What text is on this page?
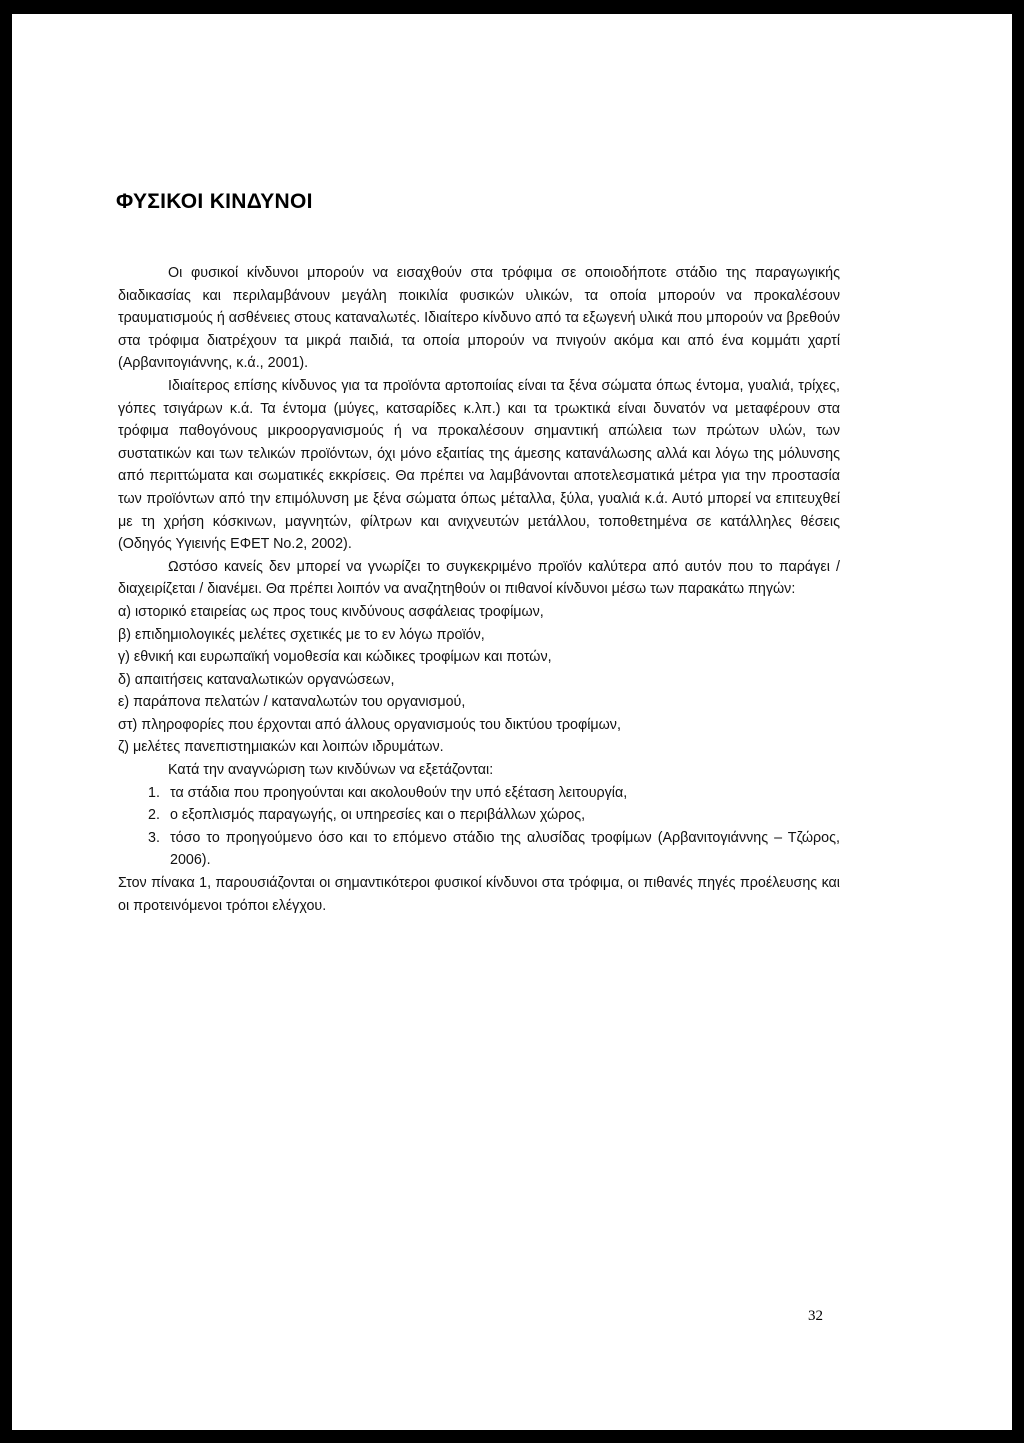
ΦΥΣΙΚΟΙ ΚΙΝΔΥΝΟΙ

Οι φυσικοί κίνδυνοι μπορούν να εισαχθούν στα τρόφιμα σε οποιοδήποτε στάδιο της παραγωγικής διαδικασίας και περιλαμβάνουν μεγάλη ποικιλία φυσικών υλικών, τα οποία μπορούν να προκαλέσουν τραυματισμούς ή ασθένειες στους καταναλωτές. Ιδιαίτερο κίνδυνο από τα εξωγενή υλικά που μπορούν να βρεθούν στα τρόφιμα διατρέχουν τα μικρά παιδιά, τα οποία μπορούν να πνιγούν ακόμα και από ένα κομμάτι χαρτί (Αρβανιτογιάννης, κ.ά., 2001).

Ιδιαίτερος επίσης κίνδυνος για τα προϊόντα αρτοποιίας είναι τα ξένα σώματα όπως έντομα, γυαλιά, τρίχες, γόπες τσιγάρων κ.ά. Τα έντομα (μύγες, κατσαρίδες κ.λπ.) και τα τρωκτικά είναι δυνατόν να μεταφέρουν στα τρόφιμα παθογόνους μικροοργανισμούς ή να προκαλέσουν σημαντική απώλεια των πρώτων υλών, των συστατικών και των τελικών προϊόντων, όχι μόνο εξαιτίας της άμεσης κατανάλωσης αλλά και λόγω της μόλυνσης από περιττώματα και σωματικές εκκρίσεις. Θα πρέπει να λαμβάνονται αποτελεσματικά μέτρα για την προστασία των προϊόντων από την επιμόλυνση με ξένα σώματα όπως μέταλλα, ξύλα, γυαλιά κ.ά. Αυτό μπορεί να επιτευχθεί με τη χρήση κόσκινων, μαγνητών, φίλτρων και ανιχνευτών μετάλλου, τοποθετημένα σε κατάλληλες θέσεις (Οδηγός Υγιεινής ΕΦΕΤ Νο.2, 2002).

Ωστόσο κανείς δεν μπορεί να γνωρίζει το συγκεκριμένο προϊόν καλύτερα από αυτόν που το παράγει / διαχειρίζεται / διανέμει. Θα πρέπει λοιπόν να αναζητηθούν οι πιθανοί κίνδυνοι μέσω των παρακάτω πηγών:

α) ιστορικό εταιρείας ως προς τους κινδύνους ασφάλειας τροφίμων,
β) επιδημιολογικές μελέτες σχετικές με το εν λόγω προϊόν,
γ) εθνική και ευρωπαϊκή νομοθεσία και κώδικες τροφίμων και ποτών,
δ) απαιτήσεις καταναλωτικών οργανώσεων,
ε) παράπονα πελατών / καταναλωτών του οργανισμού,
στ) πληροφορίες που έρχονται από άλλους οργανισμούς του δικτύου τροφίμων,
ζ) μελέτες πανεπιστημιακών και λοιπών ιδρυμάτων.

Κατά την αναγνώριση των κινδύνων να εξετάζονται:

1. τα στάδια που προηγούνται και ακολουθούν την υπό εξέταση λειτουργία,
2. ο εξοπλισμός παραγωγής, οι υπηρεσίες και ο περιβάλλων χώρος,
3. τόσο το προηγούμενο όσο και το επόμενο στάδιο της αλυσίδας τροφίμων (Αρβανιτογιάννης – Τζώρος, 2006).

Στον πίνακα 1, παρουσιάζονται οι σημαντικότεροι φυσικοί κίνδυνοι στα τρόφιμα, οι πιθανές πηγές προέλευσης και οι προτεινόμενοι τρόποι ελέγχου.

32
